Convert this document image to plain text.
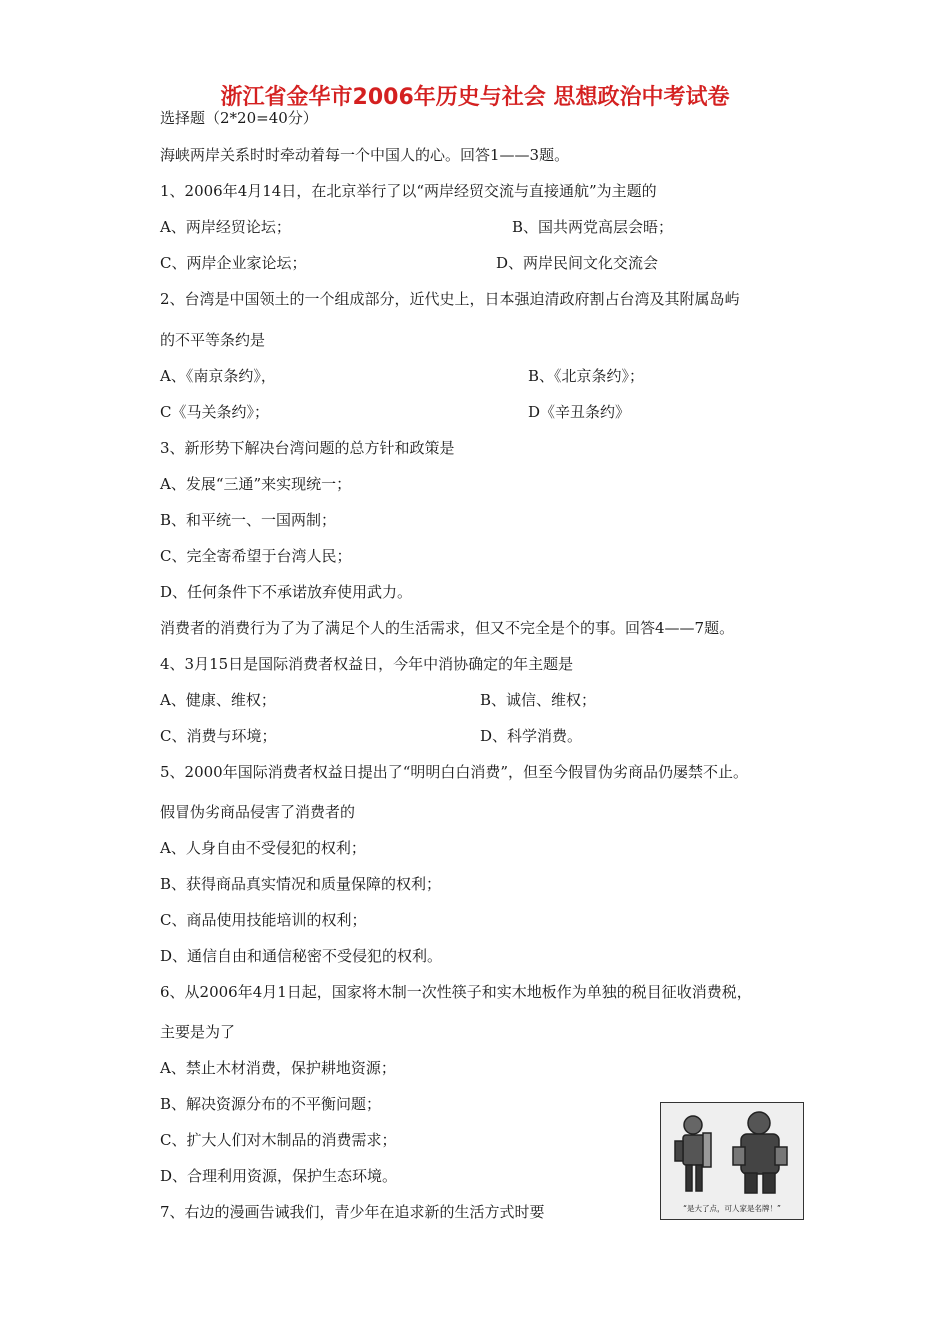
浙江省金华市2006年历史与社会 思想政治中考试卷
选择题（2*20=40分）
海峡两岸关系时时牵动着每一个中国人的心。回答1——3题。
1、2006年4月14日，在北京举行了以“两岸经贸交流与直接通航”为主题的
A、两岸经贸论坛；	B、国共两党高层会晤；
C、两岸企业家论坛；	D、两岸民间文化交流会
2、台湾是中国领土的一个组成部分，近代史上，日本强迫清政府割占台湾及其附属岛屿
的不平等条约是
A、《南京条约》，	B、《北京条约》；
C《马关条约》；	D《辛丑条约》
3、新形势下解决台湾问题的总方针和政策是
A、发展“三通”来实现统一；
B、和平统一、一国两制；
C、完全寄希望于台湾人民；
D、任何条件下不承诺放弃使用武力。
消费者的消费行为了为了满足个人的生活需求，但又不完全是个的事。回答4——7题。
4、3月15日是国际消费者权益日，今年中消协确定的年主题是
A、健康、维权；	B、诚信、维权；
C、消费与环境；	D、科学消费。
5、2000年国际消费者权益日提出了“明明白白消费”，但至今假冒伪劣商品仍屡禁不止。
假冒伪劣商品侵害了消费者的
A、人身自由不受侵犯的权利；
B、获得商品真实情况和质量保障的权利；
C、商品使用技能培训的权利；
D、通信自由和通信秘密不受侵犯的权利。
6、从2006年4月1日起，国家将木制一次性筷子和实木地板作为单独的税目征收消费税，
主要是为了
A、禁止木材消费，保护耕地资源；
B、解决资源分布的不平衡问题；
C、扩大人们对木制品的消费需求；
D、合理利用资源，保护生态环境。
7、右边的漫画告诫我们，青少年在追求新的生活方式时要	“是大了点，可人家是名牌！”
